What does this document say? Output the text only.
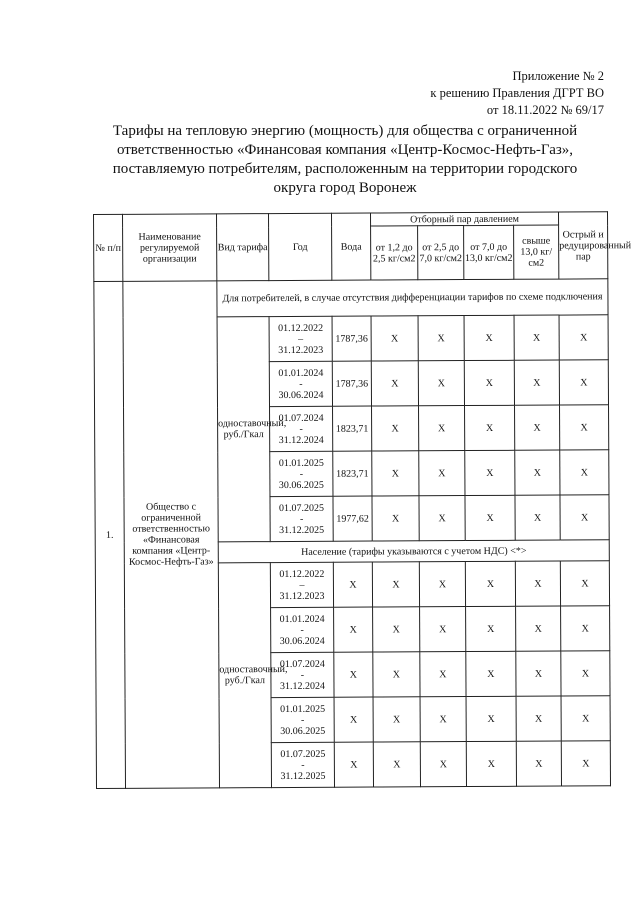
Приложение № 2
к решению Правления ДГРТ ВО
от 18.11.2022 № 69/17
Тарифы на тепловую энергию (мощность) для общества с ограниченной ответственностью «Финансовая компания «Центр-Космос-Нефть-Газ», поставляемую потребителям, расположенным на территории городского округа город Воронеж
№ п/п	Наименование регулируемой организации	Вид тарифа	Год	Вода	Отборный пар давлением				Острый и редуцированный пар
					от 1,2 до 2,5 кг/см2	от 2,5 до 7,0 кг/см2	от 7,0 до 13,0 кг/см2	свыше 13,0 кг/см2	
1.	Общество с ограниченной ответственностью «Финансовая компания «Центр-Космос-Нефть-Газ»	Для потребителей, в случае отсутствия дифференциации тарифов по схеме подключения							
		одноставочный, руб./Гкал	01.12.2022
–
31.12.2023	1787,36	Х	Х	Х	Х	Х
			01.01.2024
-
30.06.2024	1787,36	Х	Х	Х	Х	Х
			01.07.2024
-
31.12.2024	1823,71	Х	Х	Х	Х	Х
			01.01.2025
-
30.06.2025	1823,71	Х	Х	Х	Х	Х
			01.07.2025
-
31.12.2025	1977,62	Х	Х	Х	Х	Х
		Население (тарифы указываются с учетом НДС) <*>							
		одноставочный, руб./Гкал	01.12.2022
–
31.12.2023	Х	Х	Х	Х	Х	Х
			01.01.2024
-
30.06.2024	Х	Х	Х	Х	Х	Х
			01.07.2024
-
31.12.2024	Х	Х	Х	Х	Х	Х
			01.01.2025
-
30.06.2025	Х	Х	Х	Х	Х	Х
			01.07.2025
-
31.12.2025	Х	Х	Х	Х	Х	Х
